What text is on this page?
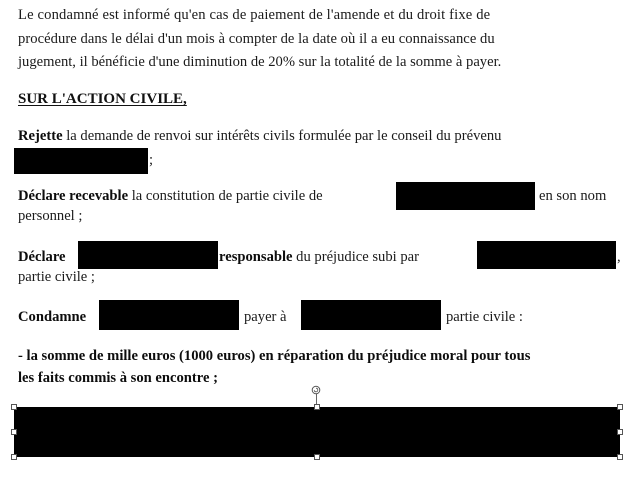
Le condamné est informé qu'en cas de paiement de l'amende et du droit fixe de
procédure dans le délai d'un mois à compter de la date où il a eu connaissance du
jugement, il bénéficie d'une diminution de 20% sur la totalité de la somme à payer.
SUR L'ACTION CIVILE,
Rejette la demande de renvoi sur intérêts civils formulée par le conseil du prévenu
;
Déclare recevable la constitution de partie civile de	en son nom
personnel ;
Déclare	responsable du préjudice subi par	,
partie civile ;
Condamne	payer à	partie civile :
- la somme de mille euros (1000 euros) en réparation du préjudice moral pour tous
les faits commis à son encontre ;
